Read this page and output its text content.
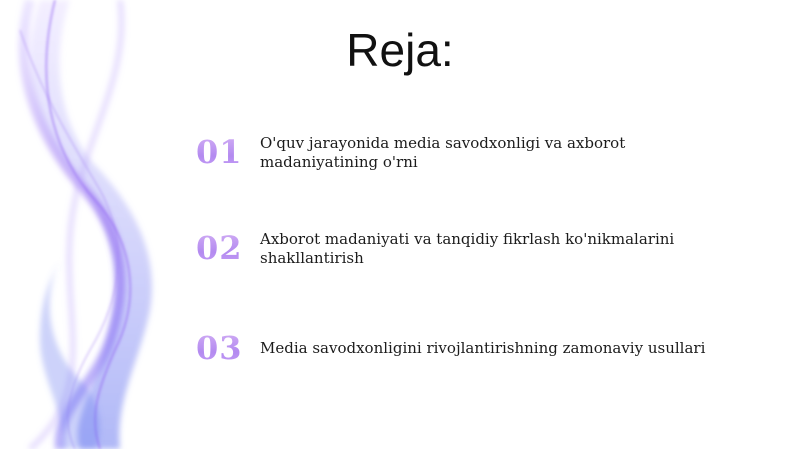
Reja:
01	O'quv jarayonida media savodxonligi va axborot madaniyatining o'rni
02	Axborot madaniyati va tanqidiy fikrlash ko'nikmalarini shakllantirish
03	Media savodxonligini rivojlantirishning zamonaviy usullari
